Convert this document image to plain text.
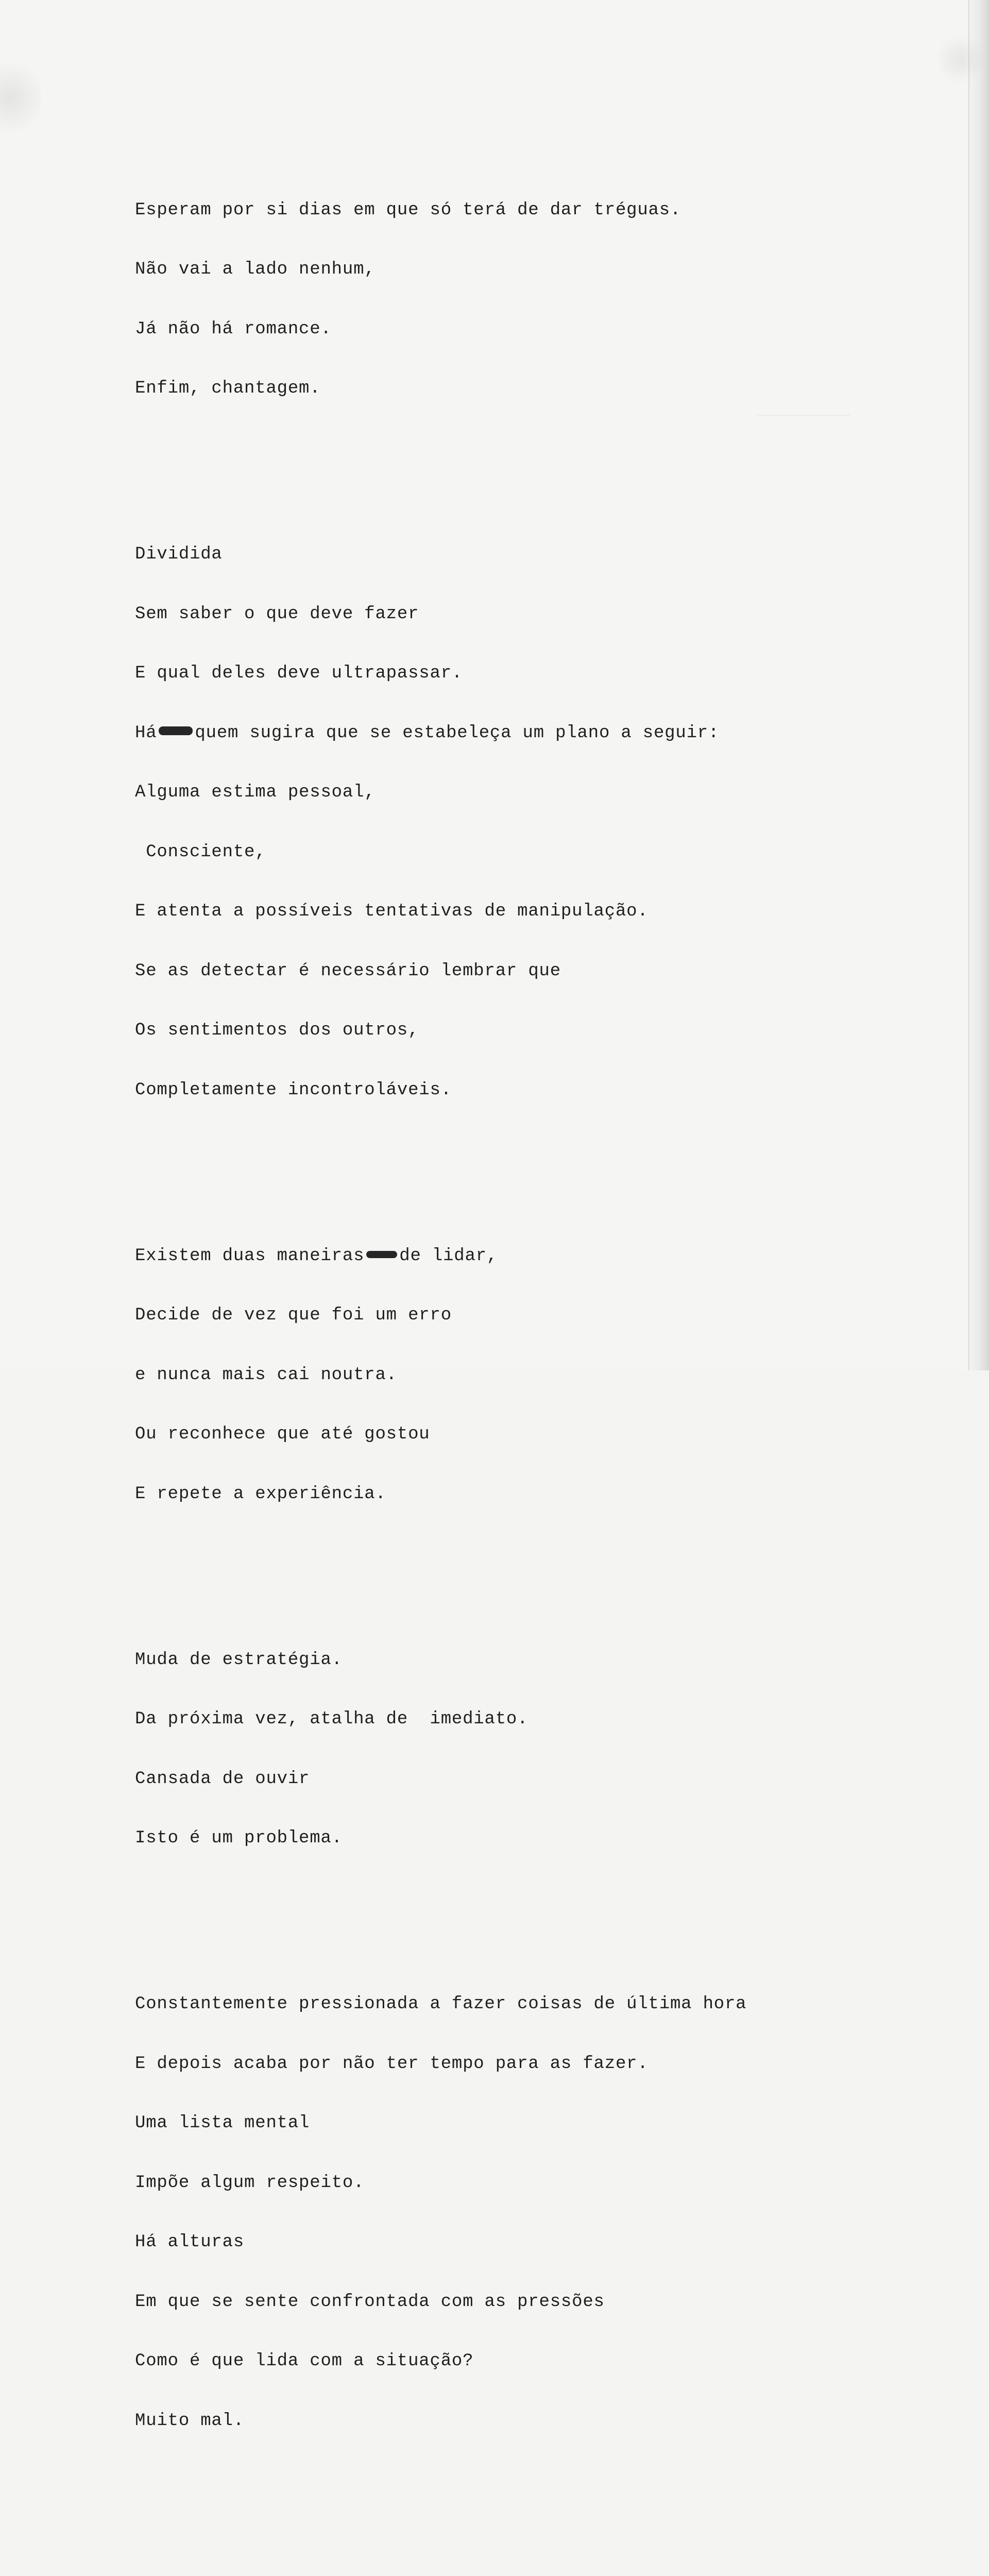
Esperam por si dias em que só terá de dar tréguas.

Não vai a lado nenhum,

Já não há romance.

Enfim, chantagem.

Dividida

Sem saber o que deve fazer

E qual deles deve ultrapassar.

Há quem sugira que se estabeleça um plano a seguir:

Alguma estima pessoal,

Consciente,

E atenta a possíveis tentativas de manipulação.

Se as detectar é necessário lembrar que

Os sentimentos dos outros,

Completamente incontroláveis.

Existem duas maneiras de lidar,

Decide de vez que foi um erro

e nunca mais cai noutra.

Ou reconhece que até gostou

E repete a experiência.

Muda de estratégia.

Da próxima vez, atalha de  imediato.

Cansada de ouvir

Isto é um problema.

Constantemente pressionada a fazer coisas de última hora

E depois acaba por não ter tempo para as fazer.

Uma lista mental

Impõe algum respeito.

Há alturas

Em que se sente confrontada com as pressões

Como é que lida com a situação?

Muito mal.
